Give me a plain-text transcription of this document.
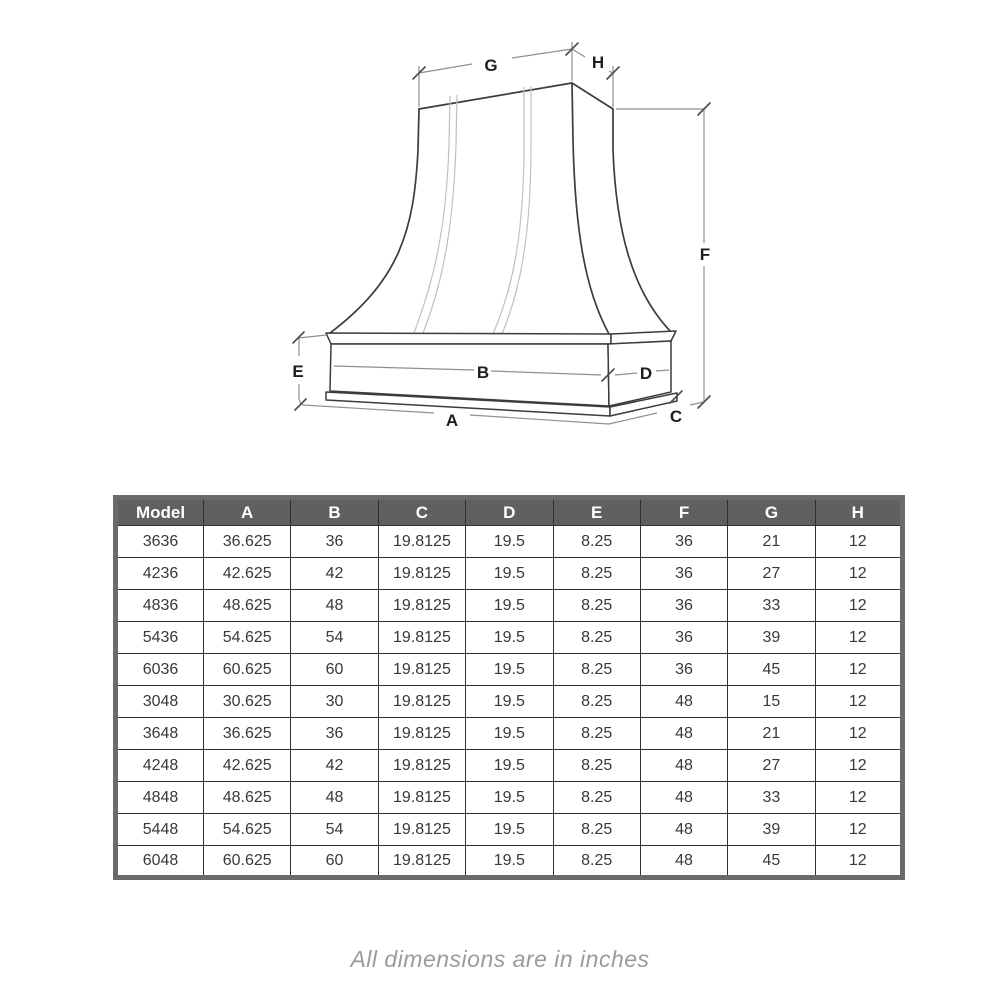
G	H
F
E	B	D
A	C
Model	A	B	C	D	E	F	G	H
3636	36.625	36	19.8125	19.5	8.25	36	21	12
4236	42.625	42	19.8125	19.5	8.25	36	27	12
4836	48.625	48	19.8125	19.5	8.25	36	33	12
5436	54.625	54	19.8125	19.5	8.25	36	39	12
6036	60.625	60	19.8125	19.5	8.25	36	45	12
3048	30.625	30	19.8125	19.5	8.25	48	15	12
3648	36.625	36	19.8125	19.5	8.25	48	21	12
4248	42.625	42	19.8125	19.5	8.25	48	27	12
4848	48.625	48	19.8125	19.5	8.25	48	33	12
5448	54.625	54	19.8125	19.5	8.25	48	39	12
6048	60.625	60	19.8125	19.5	8.25	48	45	12
All dimensions are in inches
